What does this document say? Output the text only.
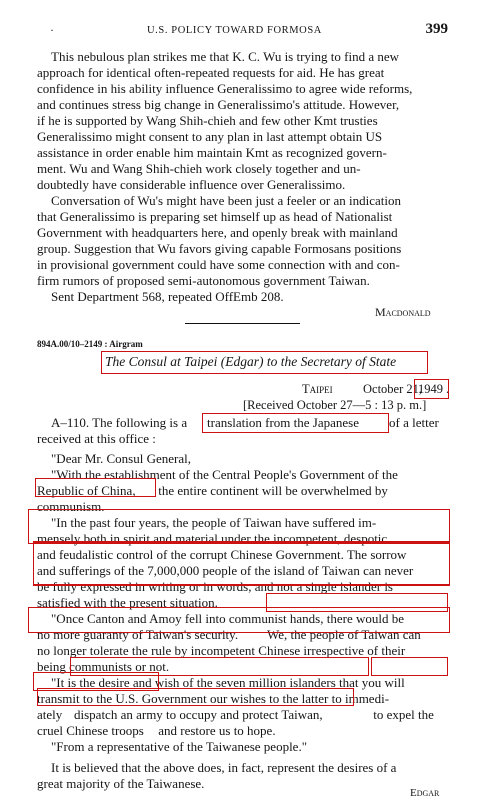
·	U.S. POLICY TOWARD FORMOSA	399
This nebulous plan strikes me that K. C. Wu is trying to find a new
approach for identical often-repeated requests for aid. He has great
confidence in his ability influence Generalissimo to agree wide reforms,
and continues stress big change in Generalissimo's attitude. However,
if he is supported by Wang Shih-chieh and few other Kmt trusties
Generalissimo might consent to any plan in last attempt obtain US
assistance in order enable him maintain Kmt as recognized govern-
ment. Wu and Wang Shih-chieh work closely together and un-
doubtedly have considerable influence over Generalissimo.
Conversation of Wu's might have been just a feeler or an indication
that Generalissimo is preparing set himself up as head of Nationalist
Government with headquarters here, and openly break with mainland
group. Suggestion that Wu favors giving capable Formosans positions
in provisional government could have some connection with and con-
firm rumors of proposed semi-autonomous government Taiwan.
Sent Department 568, repeated OffEmb 208.
Macdonald
894A.00/10–2149 : Airgram
The Consul at Taipei (Edgar) to the Secretary of State
Taipei October 21,
1949 .
[Received October 27—5 : 13 p. m.]
A–110. The following is a translation from the Japanese of a letter
received at this office :
"Dear Mr. Consul General,
"With the establishment of the Central People's Government of the
Republic of China, the entire continent will be overwhelmed by
communism.
"In the past four years, the people of Taiwan have suffered im-
mensely both in spirit and material under the incompetent, despotic
and feudalistic control of the corrupt Chinese Government. The sorrow
and sufferings of the 7,000,000 people of the island of Taiwan can never
be fully expressed in writing or in words, and not a single islander is
satisfied with the present situation.
"Once Canton and Amoy fell into communist hands, there would be
no more guaranty of Taiwan's security. We, the people of Taiwan can
no longer tolerate the rule by incompetent Chinese irrespective of their
being communists or not.
"It is the desire and wish of the seven million islanders that you will
transmit to the U.S. Government our wishes to the latter to immedi-
ately dispatch an army to occupy and protect Taiwan,	to expel the
cruel Chinese troops and restore us to hope.
"From a representative of the Taiwanese people."
It is believed that the above does, in fact, represent the desires of a
great majority of the Taiwanese.
Edgar
